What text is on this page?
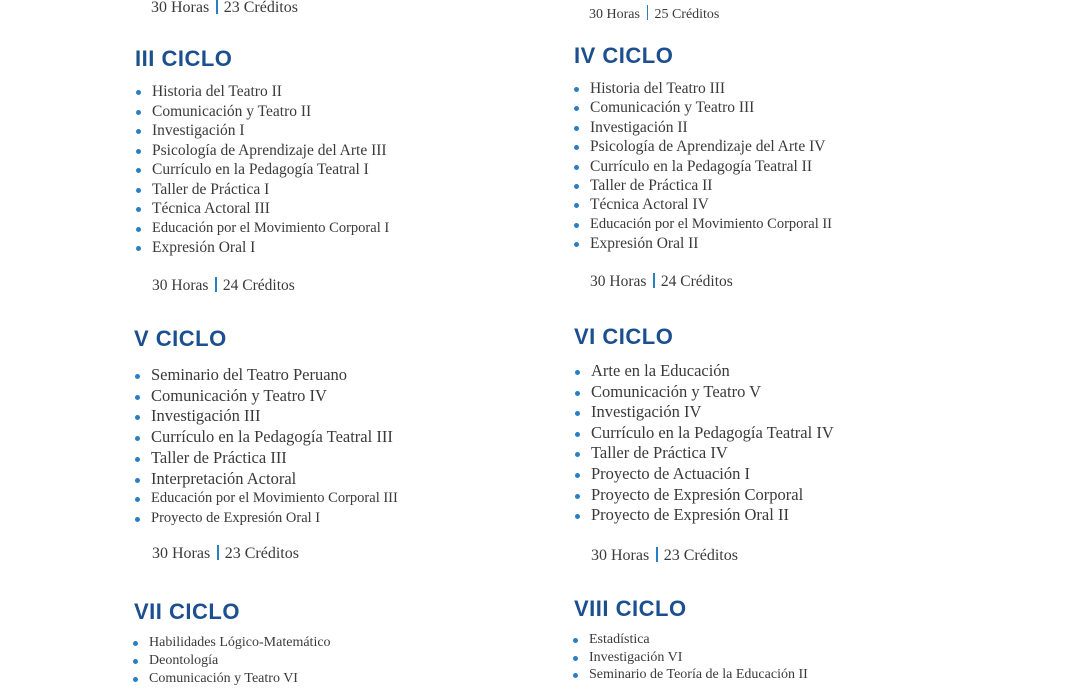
30 Horas 23 Créditos	30 Horas 25 Créditos
III CICLO
Historia del Teatro II
Comunicación y Teatro II
Investigación I
Psicología de Aprendizaje del Arte III
Currículo en la Pedagogía Teatral I
Taller de Práctica I
Técnica Actoral III
Educación por el Movimiento Corporal I
Expresión Oral I
30 Horas 24 Créditos
IV CICLO
Historia del Teatro III
Comunicación y Teatro III
Investigación II
Psicología de Aprendizaje del Arte IV
Currículo en la Pedagogía Teatral II
Taller de Práctica II
Técnica Actoral IV
Educación por el Movimiento Corporal II
Expresión Oral II
30 Horas 24 Créditos
V CICLO
Seminario del Teatro Peruano
Comunicación y Teatro IV
Investigación III
Currículo en la Pedagogía Teatral III
Taller de Práctica III
Interpretación Actoral
Educación por el Movimiento Corporal III
Proyecto de Expresión Oral I
30 Horas 23 Créditos
VI CICLO
Arte en la Educación
Comunicación y Teatro V
Investigación IV
Currículo en la Pedagogía Teatral IV
Taller de Práctica IV
Proyecto de Actuación I
Proyecto de Expresión Corporal
Proyecto de Expresión Oral II
30 Horas 23 Créditos
VII CICLO
Habilidades Lógico-Matemático
Deontología
Comunicación y Teatro VI
VIII CICLO
Estadística
Investigación VI
Seminario de Teoría de la Educación II
